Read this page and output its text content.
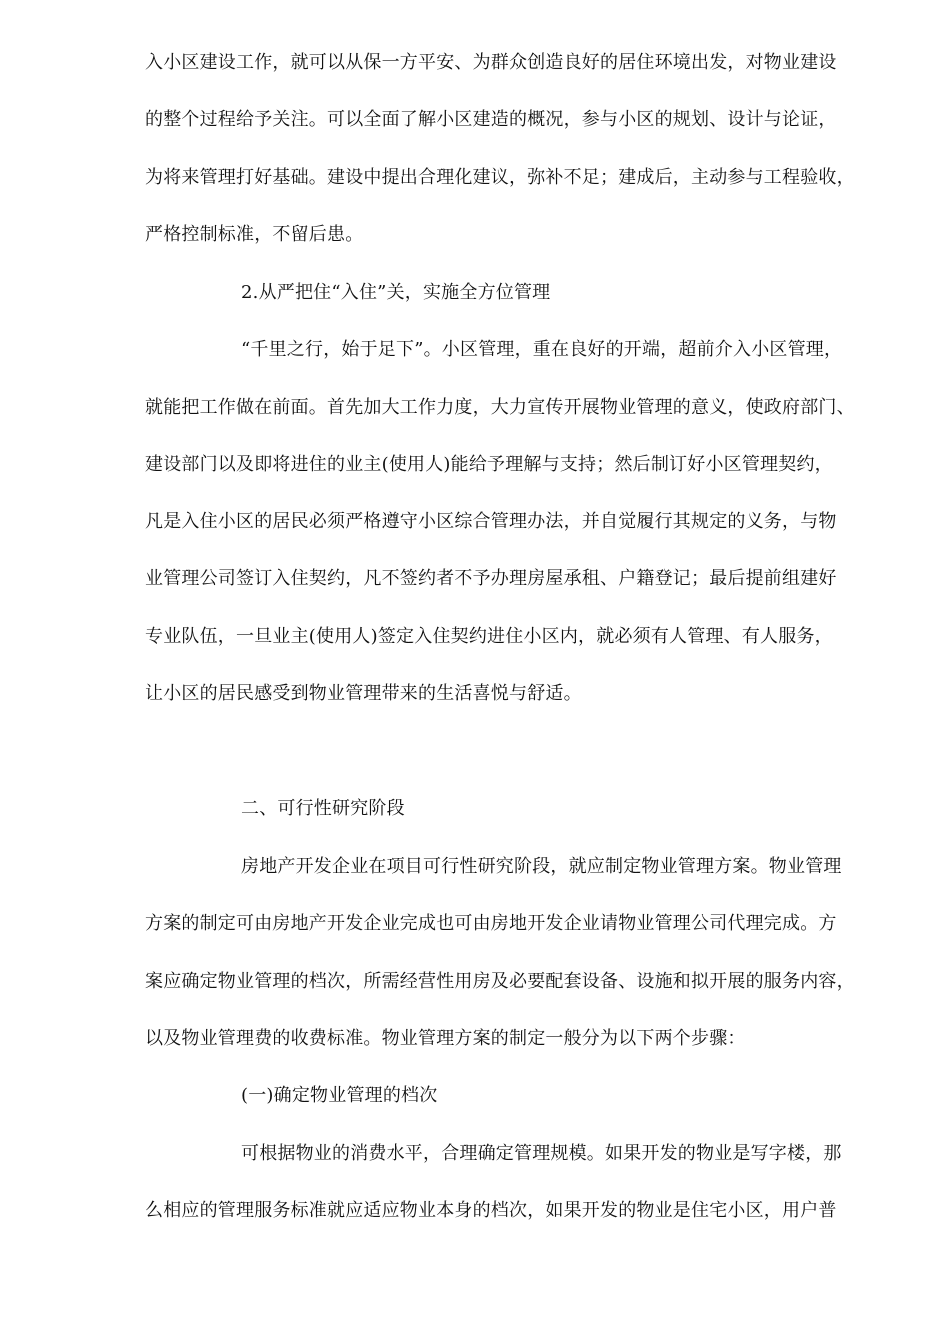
入小区建设工作，就可以从保一方平安、为群众创造良好的居住环境出发，对物业建设
的整个过程给予关注。可以全面了解小区建造的概况，参与小区的规划、设计与论证，
为将来管理打好基础。建设中提出合理化建议，弥补不足；建成后，主动参与工程验收，
严格控制标准，不留后患。
2.从严把住“入住”关，实施全方位管理
“千里之行，始于足下”。小区管理，重在良好的开端，超前介入小区管理，
就能把工作做在前面。首先加大工作力度，大力宣传开展物业管理的意义，使政府部门、
建设部门以及即将进住的业主(使用人)能给予理解与支持；然后制订好小区管理契约，
凡是入住小区的居民必须严格遵守小区综合管理办法，并自觉履行其规定的义务，与物
业管理公司签订入住契约，凡不签约者不予办理房屋承租、户籍登记；最后提前组建好
专业队伍，一旦业主(使用人)签定入住契约进住小区内，就必须有人管理、有人服务，
让小区的居民感受到物业管理带来的生活喜悦与舒适。
二、可行性研究阶段
房地产开发企业在项目可行性研究阶段，就应制定物业管理方案。物业管理
方案的制定可由房地产开发企业完成也可由房地开发企业请物业管理公司代理完成。方
案应确定物业管理的档次，所需经营性用房及必要配套设备、设施和拟开展的服务内容，
以及物业管理费的收费标准。物业管理方案的制定一般分为以下两个步骤：
(一)确定物业管理的档次
可根据物业的消费水平，合理确定管理规模。如果开发的物业是写字楼，那
么相应的管理服务标准就应适应物业本身的档次，如果开发的物业是住宅小区，用户普
